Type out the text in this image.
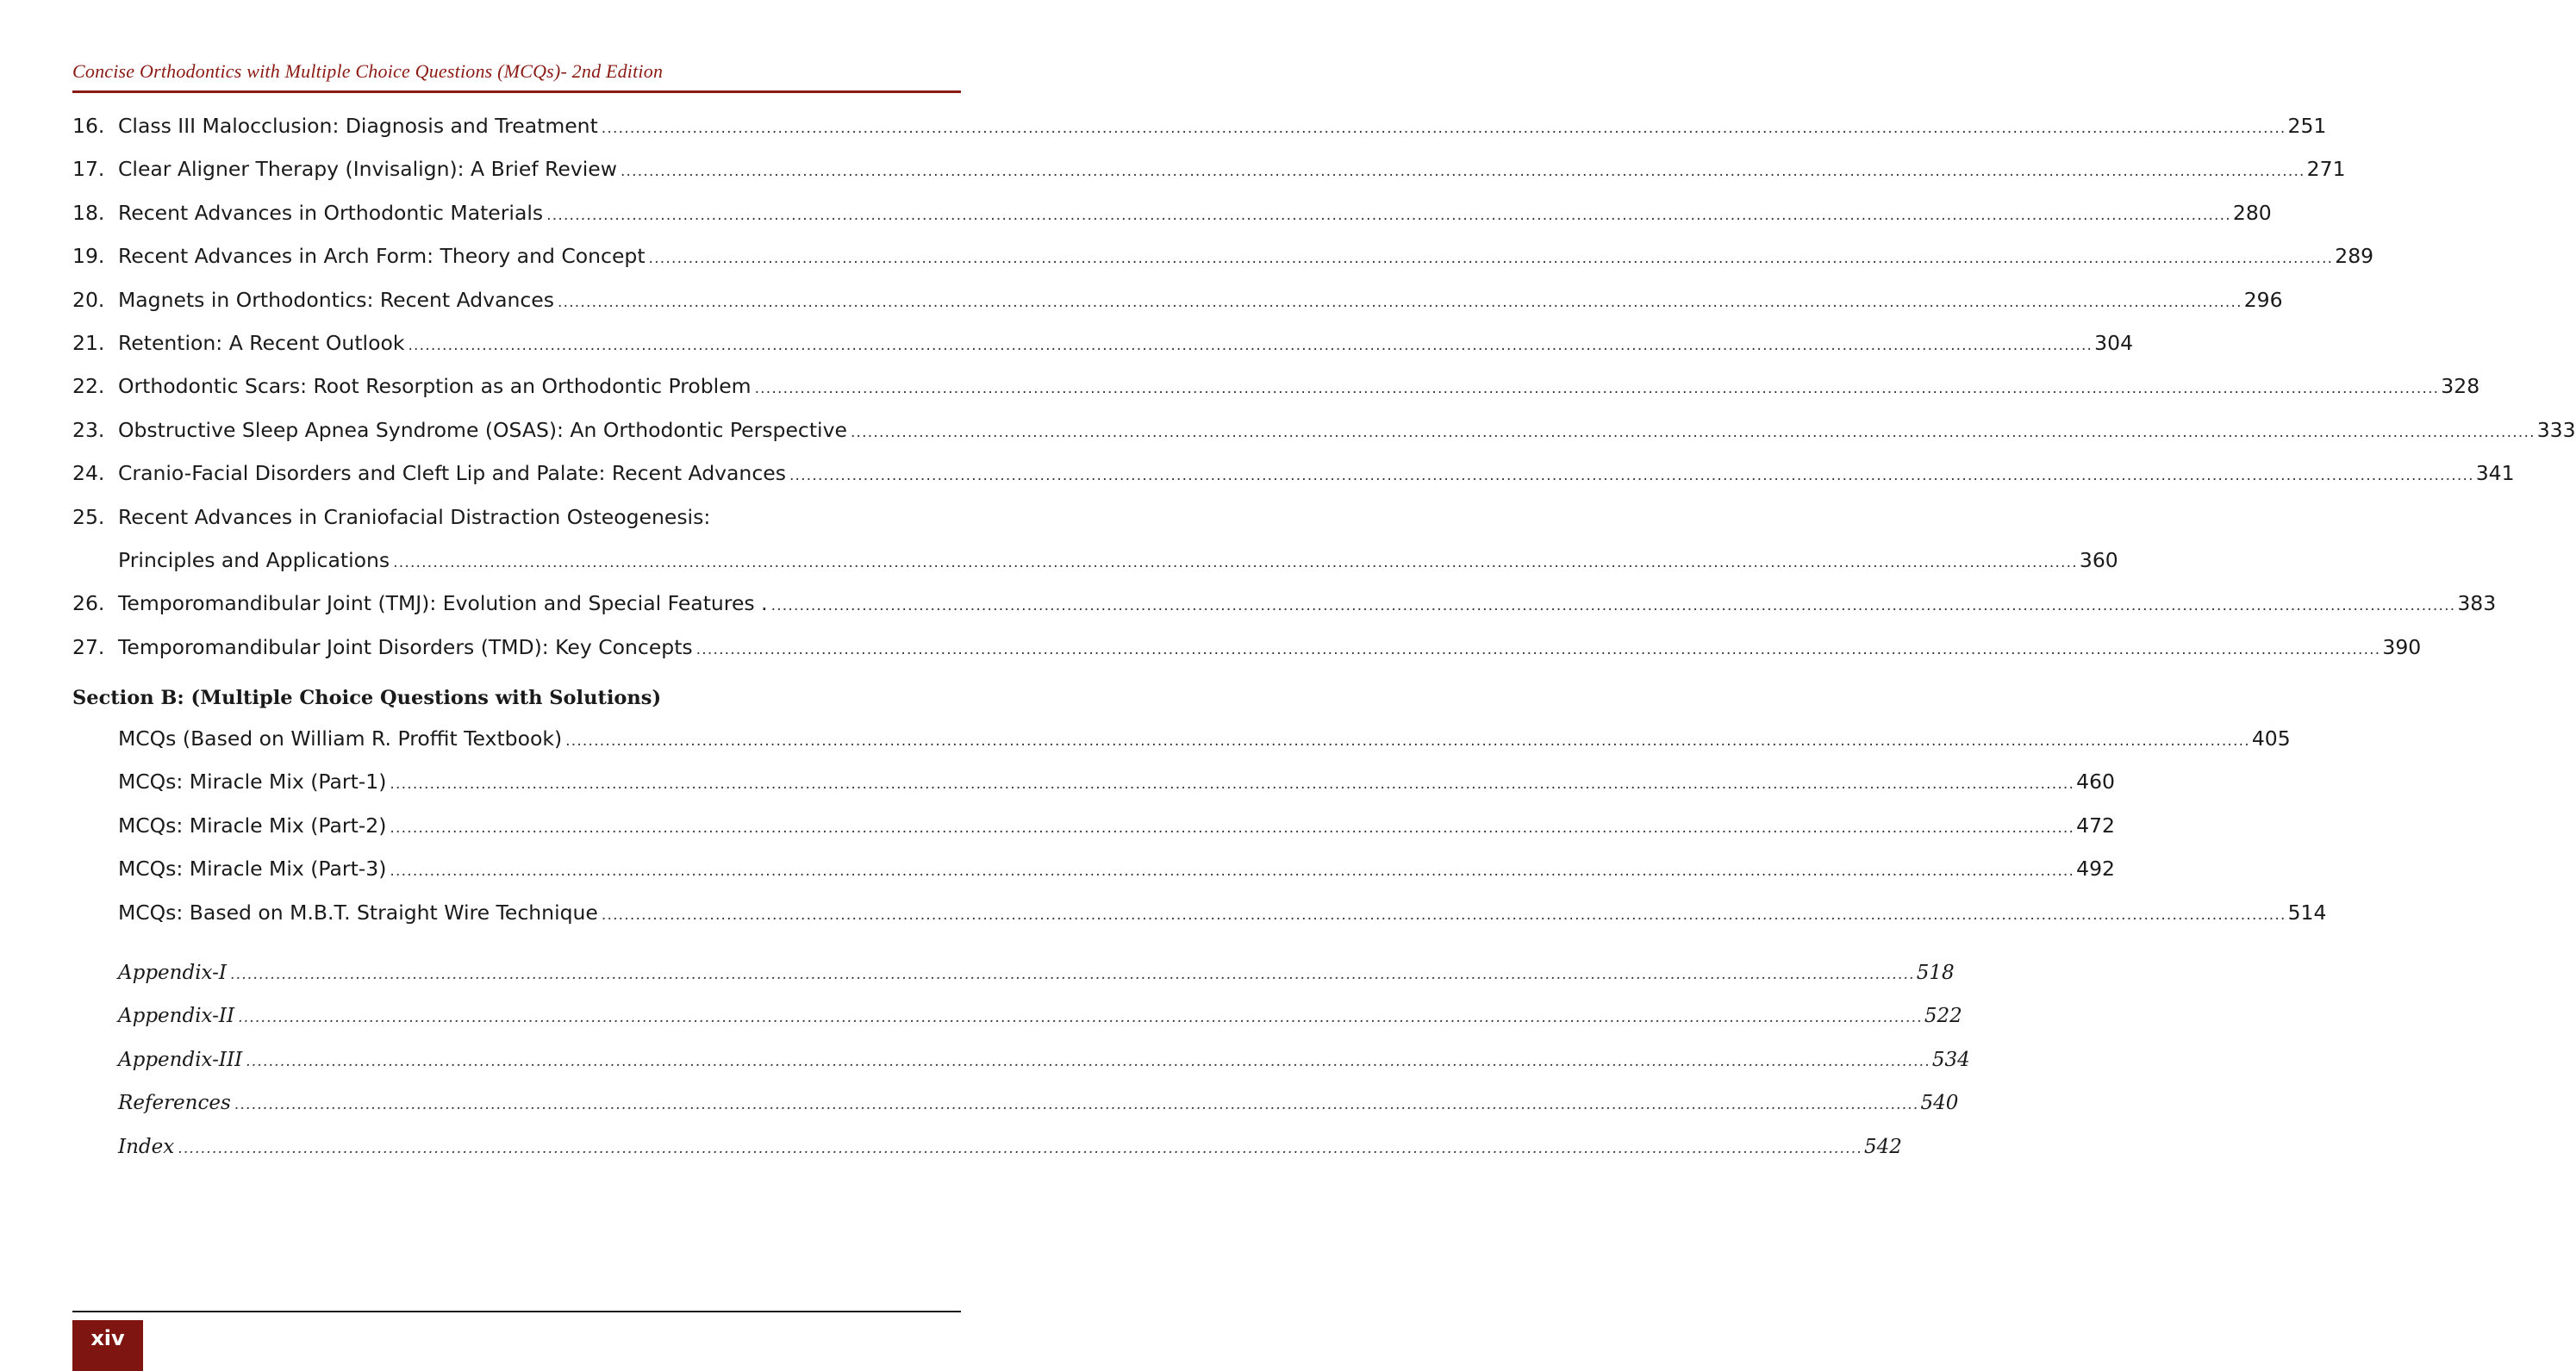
Concise Orthodontics with Multiple Choice Questions (MCQs)- 2nd Edition
16. Class III Malocclusion: Diagnosis and Treatment .....	251
17. Clear Aligner Therapy (Invisalign): A Brief Review .....	271
18. Recent Advances in Orthodontic Materials .....	280
19. Recent Advances in Arch Form: Theory and Concept .....	289
20. Magnets in Orthodontics: Recent Advances .....	296
21. Retention: A Recent Outlook .....	304
22. Orthodontic Scars: Root Resorption as an Orthodontic Problem .....	328
23. Obstructive Sleep Apnea Syndrome (OSAS): An Orthodontic Perspective .....	333
24. Cranio-Facial Disorders and Cleft Lip and Palate: Recent Advances .....	341
25. Recent Advances in Craniofacial Distraction Osteogenesis:
Principles and Applications .....	360
26. Temporomandibular Joint (TMJ): Evolution and Special Features . .....	383
27. Temporomandibular Joint Disorders (TMD): Key Concepts .....	390
Section B: (Multiple Choice Questions with Solutions)
MCQs (Based on William R. Proffit Textbook) .....	405
MCQs: Miracle Mix (Part-1) .....	460
MCQs: Miracle Mix (Part-2) .....	472
MCQs: Miracle Mix (Part-3) .....	492
MCQs: Based on M.B.T. Straight Wire Technique .....	514
Appendix-I .....	518
Appendix-II .....	522
Appendix-III .....	534
References .....	540
Index .....	542
xiv
